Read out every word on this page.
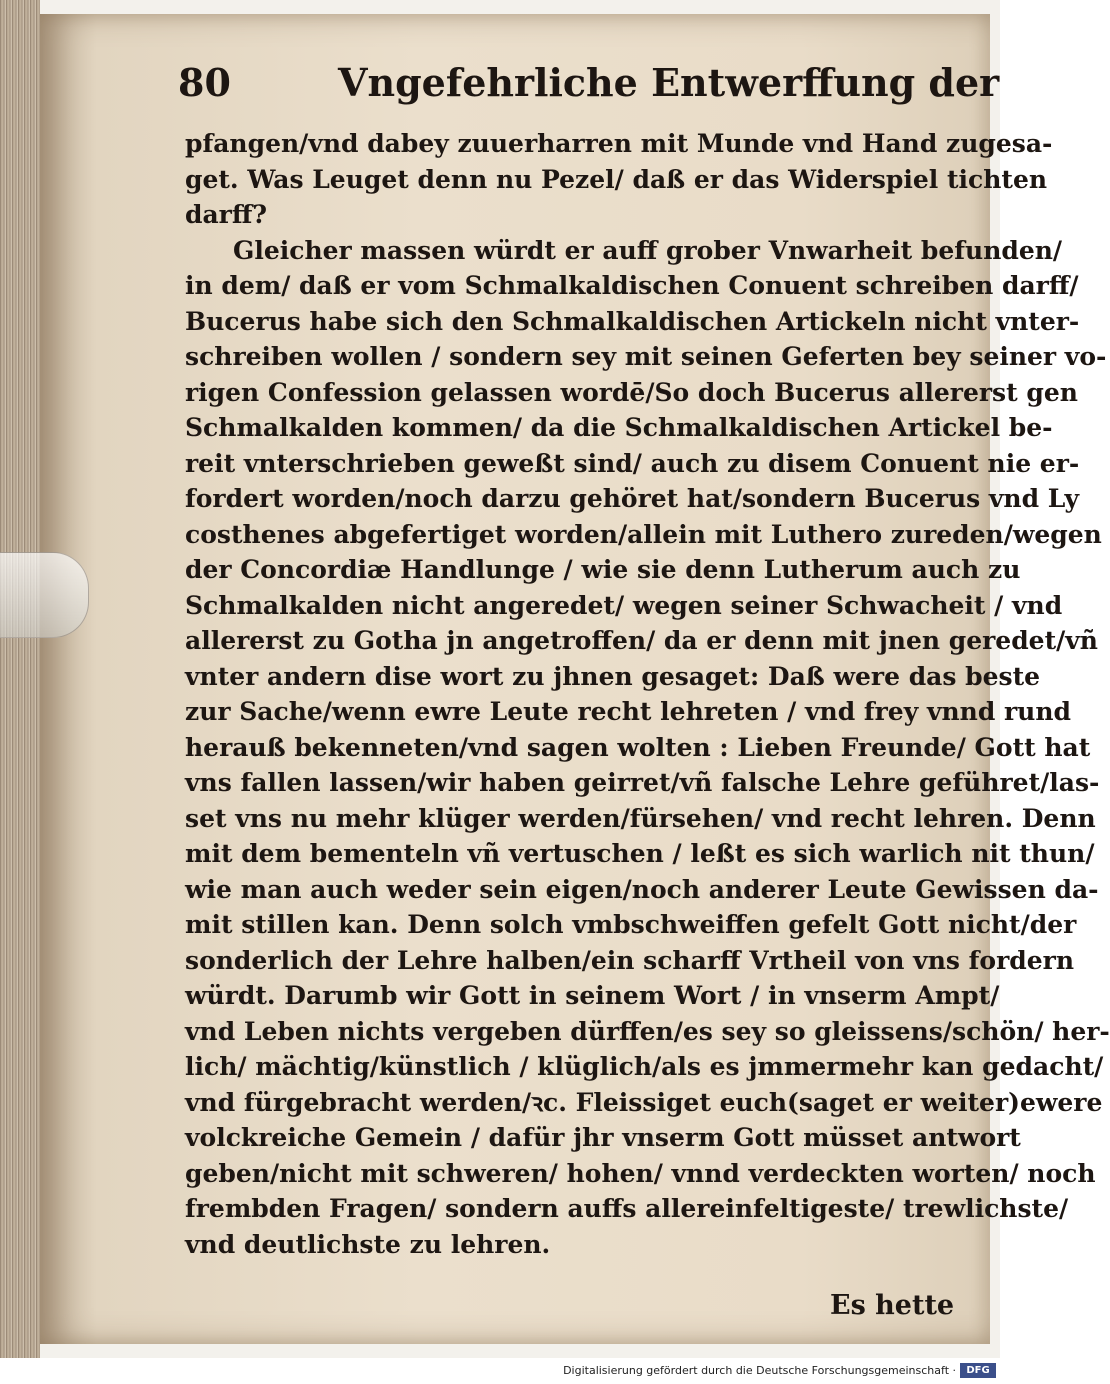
80	Vngefehrliche Entwerffung der
pfangen/vnd dabey zuuerharren mit Munde vnd Hand zugesa-
get. Was Leuget denn nu Pezel/ daß er das Widerspiel tichten
darff?
Gleicher massen würdt er auff grober Vnwarheit befunden/
in dem/ daß er vom Schmalkaldischen Conuent schreiben darff/
Bucerus habe sich den Schmalkaldischen Artickeln nicht vnter-
schreiben wollen / sondern sey mit seinen Geferten bey seiner vo-
rigen Confession gelassen wordē/So doch Bucerus allererst gen
Schmalkalden kommen/ da die Schmalkaldischen Artickel be-
reit vnterschrieben geweßt sind/ auch zu disem Conuent nie er-
fordert worden/noch darzu gehöret hat/sondern Bucerus vnd Ly
costhenes abgefertiget worden/allein mit Luthero zureden/wegen
der Concordiæ Handlunge / wie sie denn Lutherum auch zu
Schmalkalden nicht angeredet/ wegen seiner Schwacheit / vnd
allererst zu Gotha jn angetroffen/ da er denn mit jnen geredet/vñ
vnter andern dise wort zu jhnen gesaget: Daß were das beste
zur Sache/wenn ewre Leute recht lehreten / vnd frey vnnd rund
herauß bekenneten/vnd sagen wolten : Lieben Freunde/ Gott hat
vns fallen lassen/wir haben geirret/vñ falsche Lehre geführet/las-
set vns nu mehr klüger werden/fürsehen/ vnd recht lehren. Denn
mit dem bementeln vñ vertuschen / leßt es sich warlich nit thun/
wie man auch weder sein eigen/noch anderer Leute Gewissen da-
mit stillen kan. Denn solch vmbschweiffen gefelt Gott nicht/der
sonderlich der Lehre halben/ein scharff Vrtheil von vns fordern
würdt. Darumb wir Gott in seinem Wort / in vnserm Ampt/
vnd Leben nichts vergeben dürffen/es sey so gleissens/schön/ her-
lich/ mächtig/künstlich / klüglich/als es jmmermehr kan gedacht/
vnd fürgebracht werden/ꝛc. Fleissiget euch(saget er weiter)ewere
volckreiche Gemein / dafür jhr vnserm Gott müsset antwort
geben/nicht mit schweren/ hohen/ vnnd verdeckten worten/ noch
frembden Fragen/ sondern auffs allereinfeltigeste/ trewlichste/
vnd deutlichste zu lehren.
Es hette
Digitalisierung gefördert durch die Deutsche Forschungsgemeinschaft ·	DFG
